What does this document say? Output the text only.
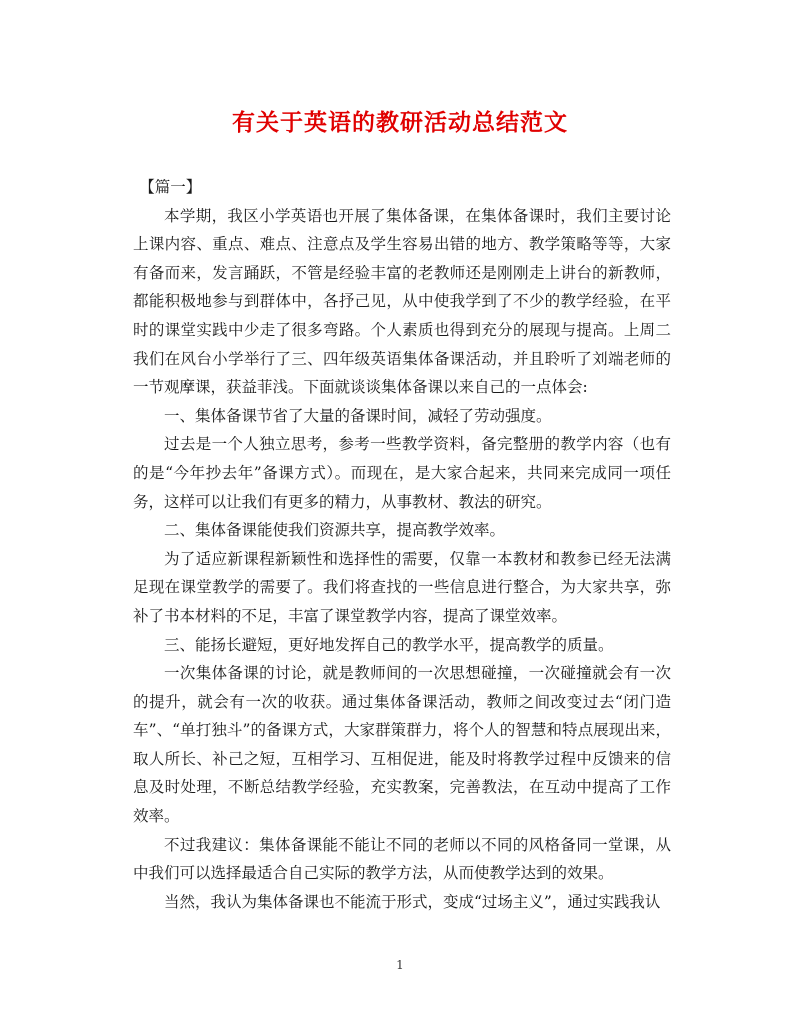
有关于英语的教研活动总结范文

【篇一】

本学期，我区小学英语也开展了集体备课，在集体备课时，我们主要讨论上课内容、重点、难点、注意点及学生容易出错的地方、教学策略等等，大家有备而来，发言踊跃，不管是经验丰富的老教师还是刚刚走上讲台的新教师，都能积极地参与到群体中，各抒己见，从中使我学到了不少的教学经验，在平时的课堂实践中少走了很多弯路。个人素质也得到充分的展现与提高。上周二我们在风台小学举行了三、四年级英语集体备课活动，并且聆听了刘端老师的一节观摩课，获益菲浅。下面就谈谈集体备课以来自己的一点体会:

一、集体备课节省了大量的备课时间，减轻了劳动强度。

过去是一个人独立思考，参考一些教学资料，备完整册的教学内容（也有的是“今年抄去年”备课方式）。而现在，是大家合起来，共同来完成同一项任务，这样可以让我们有更多的精力，从事教材、教法的研究。

二、集体备课能使我们资源共享，提高教学效率。

为了适应新课程新颖性和选择性的需要，仅靠一本教材和教参已经无法满足现在课堂教学的需要了。我们将查找的一些信息进行整合，为大家共享，弥补了书本材料的不足，丰富了课堂教学内容，提高了课堂效率。

三、能扬长避短，更好地发挥自己的教学水平，提高教学的质量。

一次集体备课的讨论，就是教师间的一次思想碰撞，一次碰撞就会有一次的提升，就会有一次的收获。通过集体备课活动，教师之间改变过去“闭门造车”、“单打独斗”的备课方式，大家群策群力，将个人的智慧和特点展现出来，取人所长、补己之短，互相学习、互相促进，能及时将教学过程中反馈来的信息及时处理，不断总结教学经验，充实教案，完善教法，在互动中提高了工作效率。

不过我建议：集体备课能不能让不同的老师以不同的风格备同一堂课，从中我们可以选择最适合自己实际的教学方法，从而使教学达到的效果。

当然，我认为集体备课也不能流于形式，变成“过场主义”，通过实践我认

1
